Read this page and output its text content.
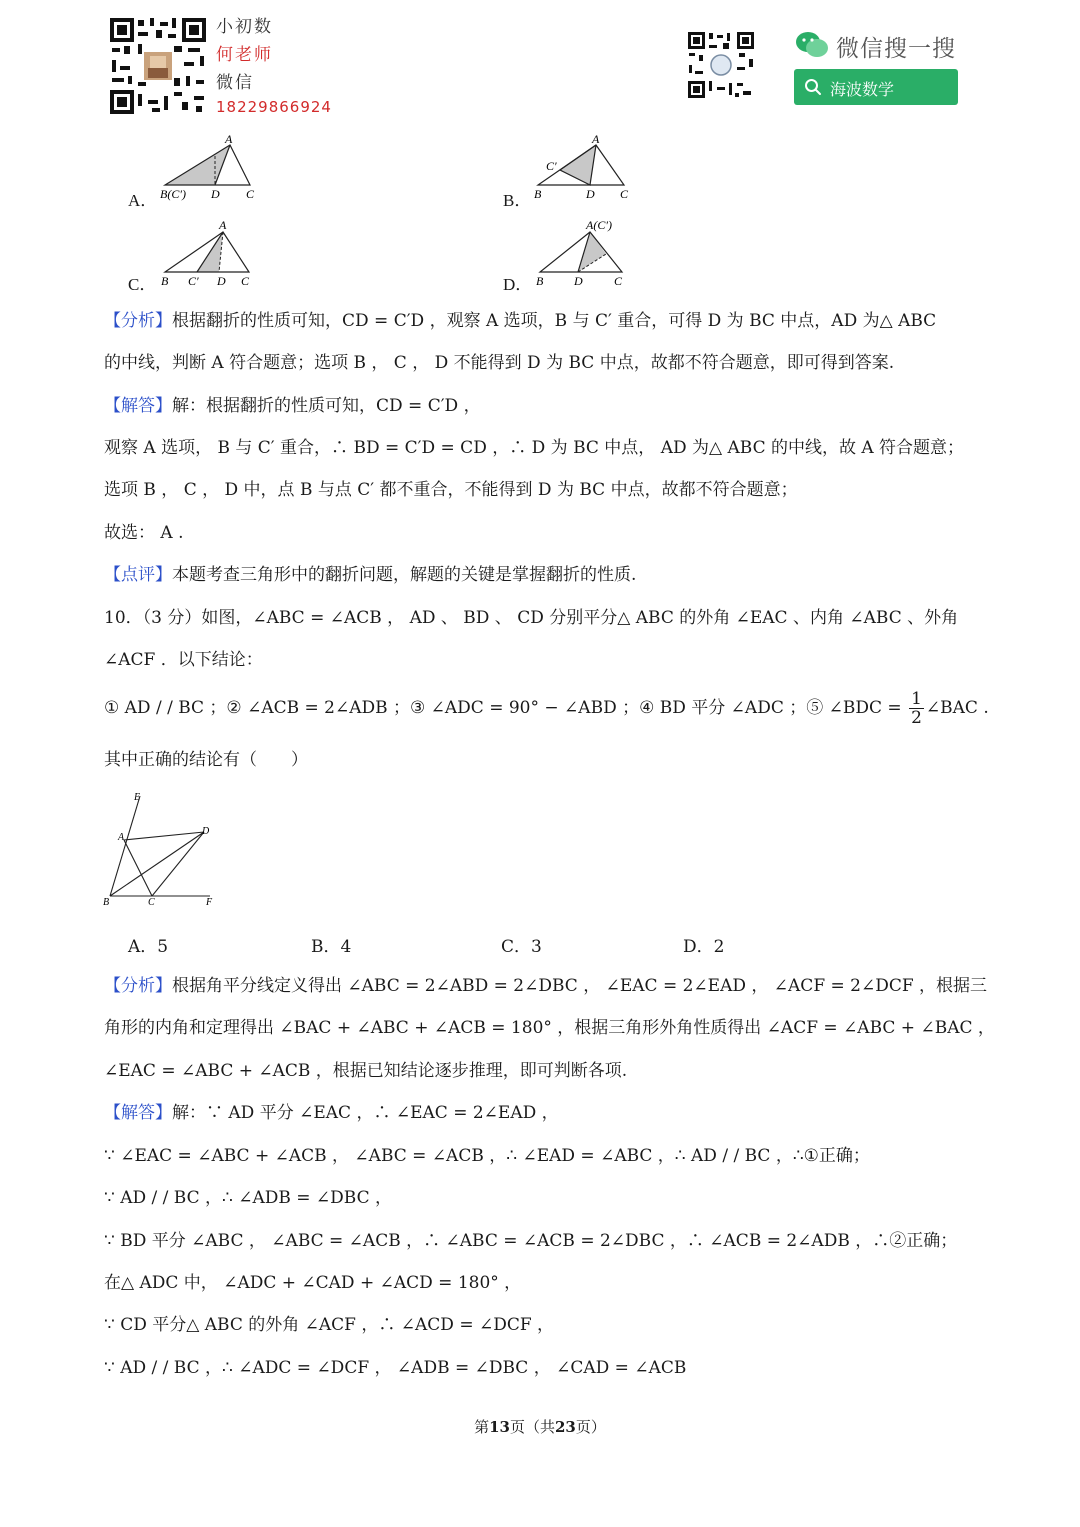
小初数
何老师
微信
18229866924
微信搜一搜
海波数学
A．
A
B(C′) D C	B．
A
C′
B	D C
C．
A
B C′ D C	D．
A(C′)
B	D	C
【分析】根据翻折的性质可知，CD = C′D ，观察 A 选项，B 与 C′ 重合，可得 D 为 BC 中点，AD 为△ ABC
的中线，判断 A 符合题意；选项 B ， C ， D 不能得到 D 为 BC 中点，故都不符合题意，即可得到答案.
【解答】解：根据翻折的性质可知，CD = C′D ，
观察 A 选项， B 与 C′ 重合，∴ BD = C′D = CD ，∴ D 为 BC 中点， AD 为△ ABC 的中线，故 A 符合题意；
选项 B ， C ， D 中，点 B 与点 C′ 都不重合，不能得到 D 为 BC 中点，故都不符合题意；
故选： A .
【点评】本题考查三角形中的翻折问题，解题的关键是掌握翻折的性质.
10．（3 分）如图，∠ABC = ∠ACB ， AD 、 BD 、 CD 分别平分△ ABC 的外角 ∠EAC 、内角 ∠ABC 、外角
∠ACF ．以下结论：
① AD / / BC ；② ∠ACB = 2∠ADB ；③ ∠ADC = 90° − ∠ABD ；④ BD 平分 ∠ADC ；⑤ ∠BDC = $\frac{1}{2}$ ∠BAC .
其中正确的结论有（　　）
E
A
D
B	C	F
A．5	B．4	C．3	D．2
【分析】根据角平分线定义得出 ∠ABC = 2∠ABD = 2∠DBC ， ∠EAC = 2∠EAD ， ∠ACF = 2∠DCF ，根据三
角形的内角和定理得出 ∠BAC + ∠ABC + ∠ACB = 180° ，根据三角形外角性质得出 ∠ACF = ∠ABC + ∠BAC ，
∠EAC = ∠ABC + ∠ACB ，根据已知结论逐步推理，即可判断各项.
【解答】解：∵ AD 平分 ∠EAC ，∴ ∠EAC = 2∠EAD ，
∵ ∠EAC = ∠ABC + ∠ACB ， ∠ABC = ∠ACB ，∴ ∠EAD = ∠ABC ，∴ AD / / BC ，∴①正确；
∵ AD / / BC ，∴ ∠ADB = ∠DBC ，
∵ BD 平分 ∠ABC ， ∠ABC = ∠ACB ，∴ ∠ABC = ∠ACB = 2∠DBC ，∴ ∠ACB = 2∠ADB ，∴②正确；
在△ ADC 中， ∠ADC + ∠CAD + ∠ACD = 180° ，
∵ CD 平分△ ABC 的外角 ∠ACF ，∴ ∠ACD = ∠DCF ，
∵ AD / / BC ，∴ ∠ADC = ∠DCF ， ∠ADB = ∠DBC ， ∠CAD = ∠ACB
第13页（共23页）
